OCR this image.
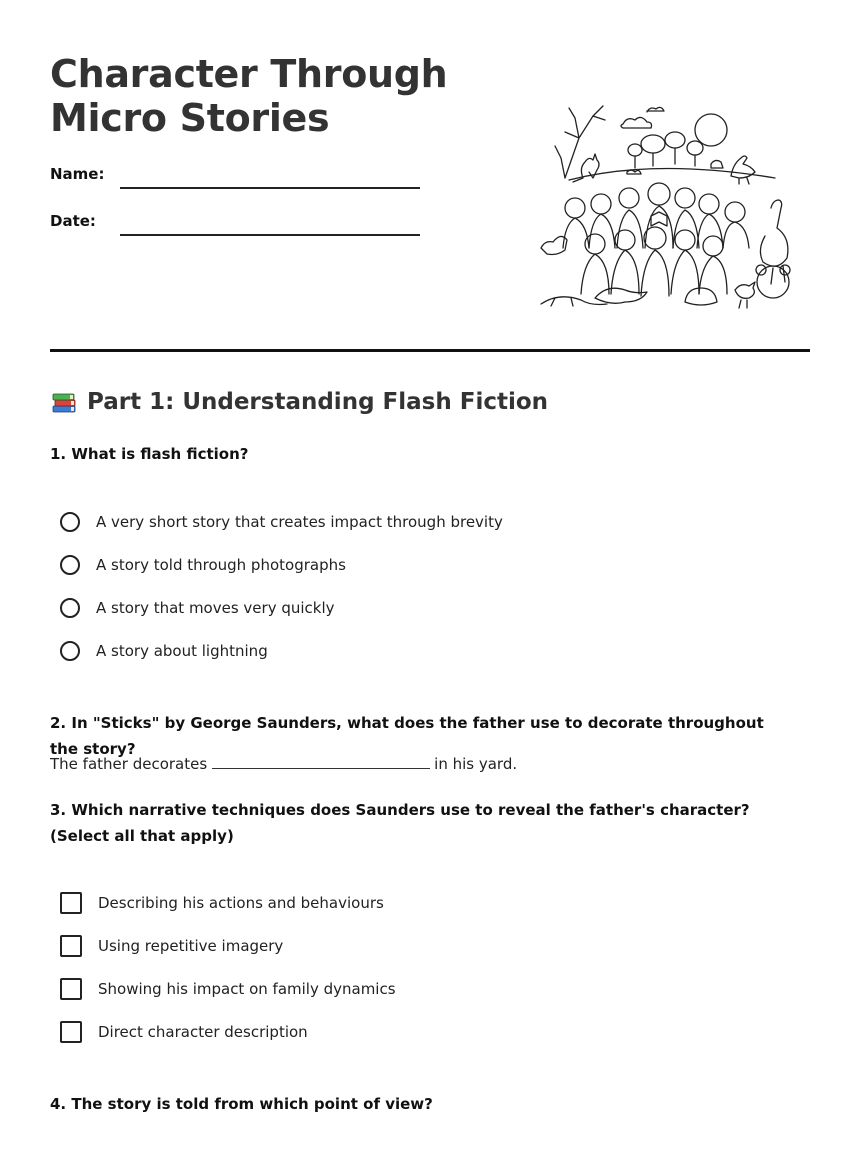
Character Through
Micro Stories
Name:
Date:
Part 1: Understanding Flash Fiction

1. What is flash fiction?

A very short story that creates impact through brevity
A story told through photographs
A story that moves very quickly
A story about lightning

2. In "Sticks" by George Saunders, what does the father use to decorate throughout the story?

The father decorates	in his yard.

3. Which narrative techniques does Saunders use to reveal the father's character? (Select all that apply)

Describing his actions and behaviours
Using repetitive imagery
Showing his impact on family dynamics
Direct character description

4. The story is told from which point of view?
